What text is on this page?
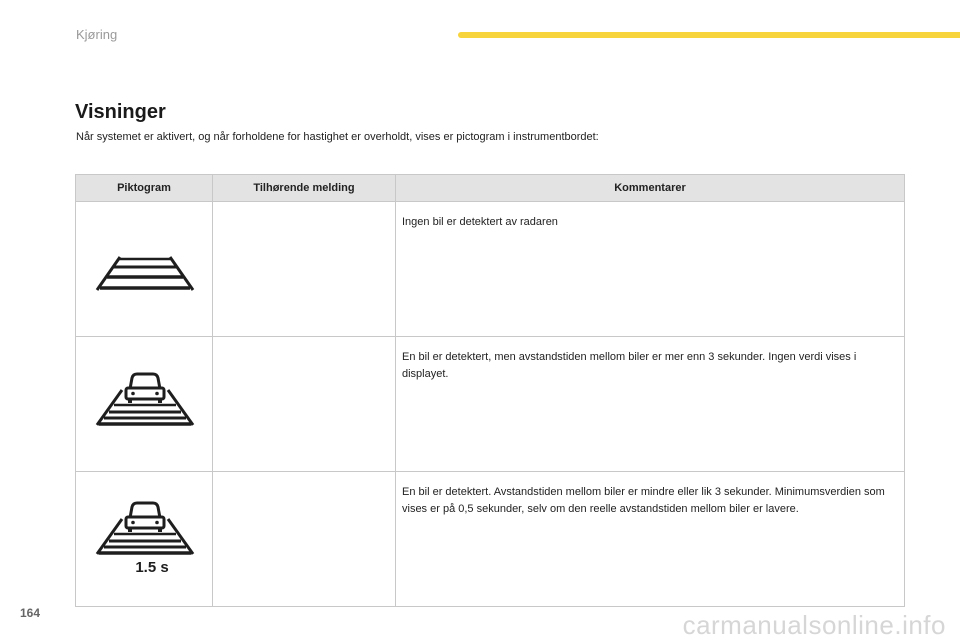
Kjøring
Visninger

Når systemet er aktivert, og når forholdene for hastighet er overholdt, vises er pictogram i instrumentbordet:

Piktogram	Tilhørende melding	Kommentarer

		Ingen bil er detektert av radaren

		En bil er detektert, men avstandstiden mellom biler er mer enn 3 sekunder. Ingen verdi vises i displayet.

1.5 s		En bil er detektert. Avstandstiden mellom biler er mindre eller lik 3 sekunder. Minimumsverdien som vises er på 0,5 sekunder, selv om den reelle avstandstiden mellom biler er lavere.
164	carmanualsonline.info
